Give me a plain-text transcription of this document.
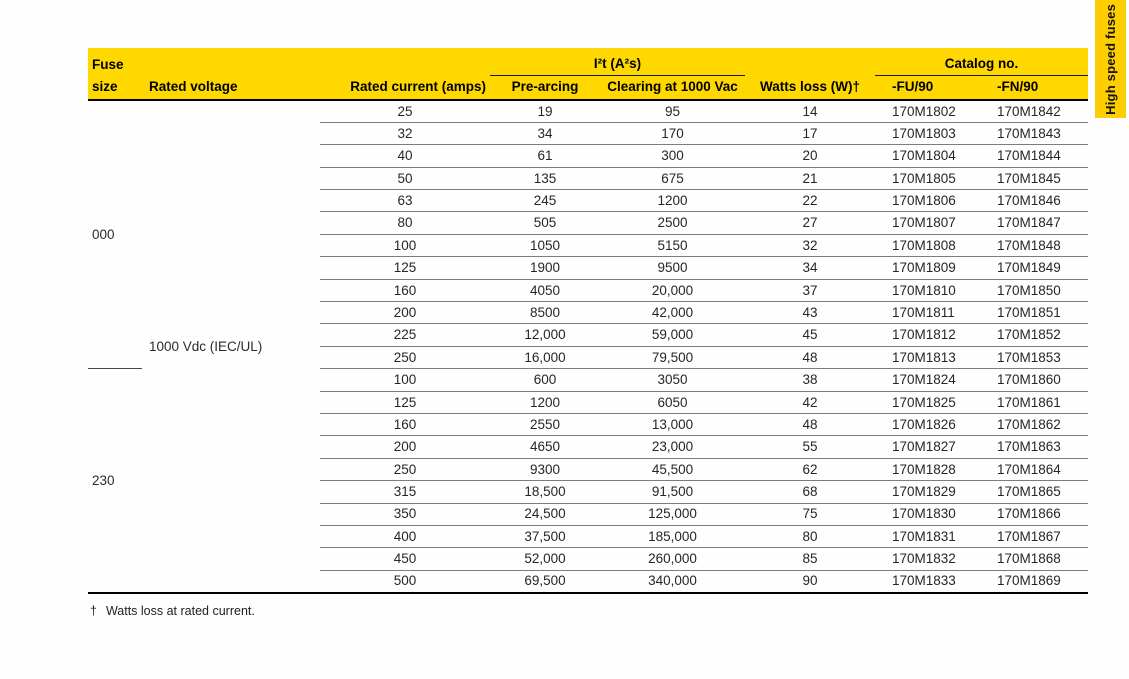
Fuse			I²t (A²s)			Catalog no.	
size	Rated voltage	Rated current (amps)	Pre-arcing	Clearing at 1000 Vac	Watts loss (W)†	-FU/90	-FN/90
000	1000 Vdc (IEC/UL)	25	19	95	14	170M1802	170M1842
		32	34	170	17	170M1803	170M1843
		40	61	300	20	170M1804	170M1844
		50	135	675	21	170M1805	170M1845
		63	245	1200	22	170M1806	170M1846
		80	505	2500	27	170M1807	170M1847
		100	1050	5150	32	170M1808	170M1848
		125	1900	9500	34	170M1809	170M1849
		160	4050	20,000	37	170M1810	170M1850
		200	8500	42,000	43	170M1811	170M1851
		225	12,000	59,000	45	170M1812	170M1852
		250	16,000	79,500	48	170M1813	170M1853
230		100	600	3050	38	170M1824	170M1860
		125	1200	6050	42	170M1825	170M1861
		160	2550	13,000	48	170M1826	170M1862
		200	4650	23,000	55	170M1827	170M1863
		250	9300	45,500	62	170M1828	170M1864
		315	18,500	91,500	68	170M1829	170M1865
		350	24,500	125,000	75	170M1830	170M1866
		400	37,500	185,000	80	170M1831	170M1867
		450	52,000	260,000	85	170M1832	170M1868
		500	69,500	340,000	90	170M1833	170M1869
† Watts loss at rated current.
High speed fuses
